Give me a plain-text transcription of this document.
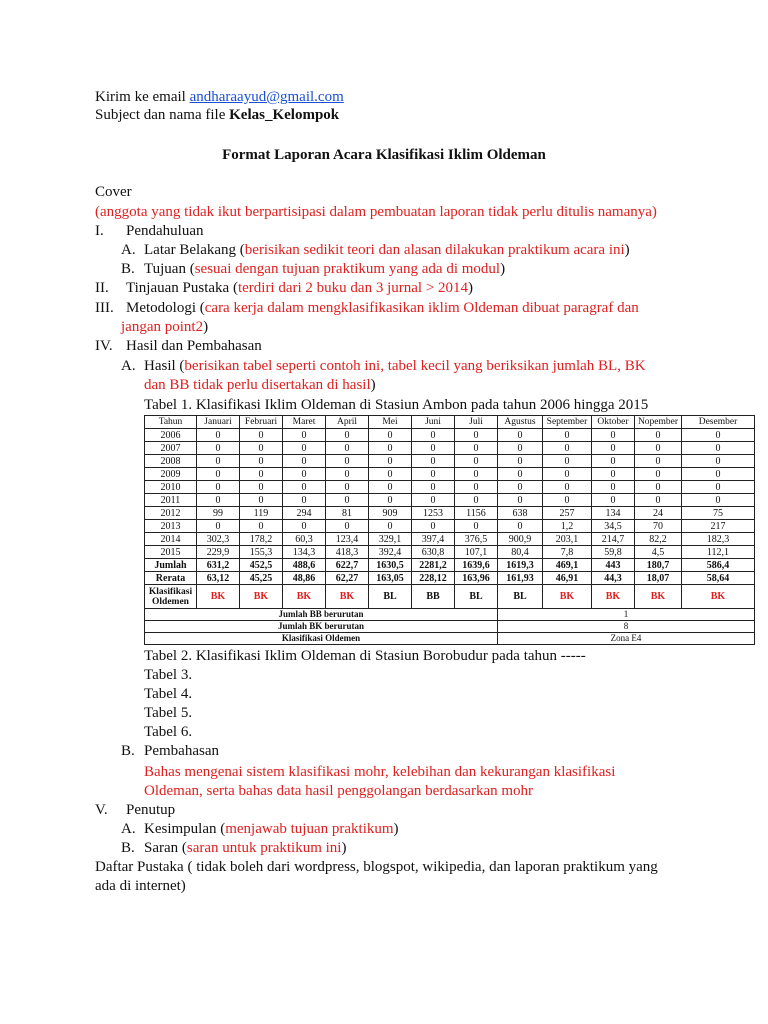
Kirim ke email andharaayud@gmail.com
Subject dan nama file Kelas_Kelompok
Format Laporan Acara Klasifikasi Iklim Oldeman
Cover
(anggota yang tidak ikut berpartisipasi dalam pembuatan laporan tidak perlu ditulis namanya)
I. Pendahuluan
A. Latar Belakang (berisikan sedikit teori dan alasan dilakukan praktikum acara ini)
B. Tujuan (sesuai dengan tujuan praktikum yang ada di modul)
II. Tinjauan Pustaka (terdiri dari 2 buku dan 3 jurnal > 2014)
III. Metodologi (cara kerja dalam mengklasifikasikan iklim Oldeman dibuat paragraf dan
jangan point2)
IV. Hasil dan Pembahasan
A. Hasil (berisikan tabel seperti contoh ini, tabel kecil yang beriksikan jumlah BL, BK
dan BB tidak perlu disertakan di hasil)
Tabel 1. Klasifikasi Iklim Oldeman di Stasiun Ambon pada tahun 2006 hingga 2015
Tahun	Januari	Februari	Maret	April	Mei	Juni	Juli	Agustus	September	Oktober	Nopember	Desember
2006	0	0	0	0	0	0	0	0	0	0	0	0
2007	0	0	0	0	0	0	0	0	0	0	0	0
2008	0	0	0	0	0	0	0	0	0	0	0	0
2009	0	0	0	0	0	0	0	0	0	0	0	0
2010	0	0	0	0	0	0	0	0	0	0	0	0
2011	0	0	0	0	0	0	0	0	0	0	0	0
2012	99	119	294	81	909	1253	1156	638	257	134	24	75
2013	0	0	0	0	0	0	0	0	1,2	34,5	70	217
2014	302,3	178,2	60,3	123,4	329,1	397,4	376,5	900,9	203,1	214,7	82,2	182,3
2015	229,9	155,3	134,3	418,3	392,4	630,8	107,1	80,4	7,8	59,8	4,5	112,1
Jumlah	631,2	452,5	488,6	622,7	1630,5	2281,2	1639,6	1619,3	469,1	443	180,7	586,4
Rerata	63,12	45,25	48,86	62,27	163,05	228,12	163,96	161,93	46,91	44,3	18,07	58,64
Klasifikasi Oldemen	BK	BK	BK	BK	BL	BB	BL	BL	BK	BK	BK	BK
Jumlah BB berurutan								1				
Jumlah BK berurutan								8				
Klasifikasi Oldemen								Zona E4				
Tabel 2. Klasifikasi Iklim Oldeman di Stasiun Borobudur pada tahun -----
Tabel 3.
Tabel 4.
Tabel 5.
Tabel 6.
B. Pembahasan
Bahas mengenai sistem klasifikasi mohr, kelebihan dan kekurangan klasifikasi
Oldeman, serta bahas data hasil penggolangan berdasarkan mohr
V. Penutup
A. Kesimpulan (menjawab tujuan praktikum)
B. Saran (saran untuk praktikum ini)
Daftar Pustaka ( tidak boleh dari wordpress, blogspot, wikipedia, dan laporan praktikum yang
ada di internet)
